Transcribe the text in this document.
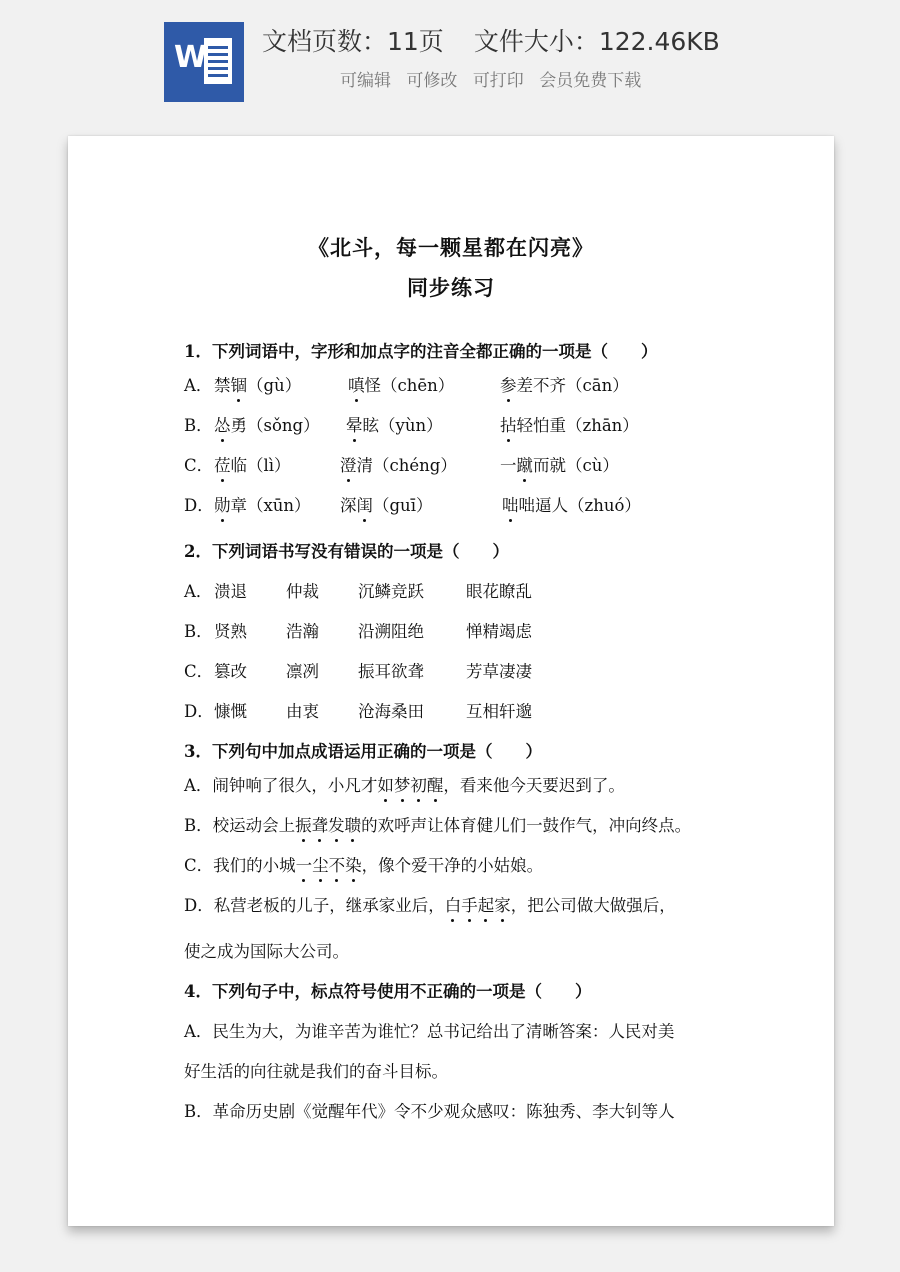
W 文档页数：11页 文件大小：122.46KB
可编辑 可修改 可打印 会员免费下载
《北斗，每一颗星都在闪亮》
同步练习
1．下列词语中，字形和加点字的注音全都正确的一项是（　　）
A． 禁锢（gù）	嗔怪（chēn）	参差不齐（cān）
B． 怂勇（sǒng） 晕眩（yùn）	拈轻怕重（zhān）
C． 莅临（lì）	澄清（chéng）	一蹴而就（cù）
D． 勋章（xūn） 深闺（guī）	咄咄逼人（zhuó）
2．下列词语书写没有错误的一项是（　　）
A． 溃退 仲裁 沉鳞竞跃	眼花瞭乱
B． 贤熟 浩瀚 沿溯阻绝	惮精竭虑
C． 篡改 凛冽 振耳欲聋	芳草凄凄
D． 慷慨 由衷 沧海桑田	互相轩邈
3．下列句中加点成语运用正确的一项是（　　）
A．闹钟响了很久，小凡才如梦初醒，看来他今天要迟到了。
B．校运动会上振聋发聩的欢呼声让体育健儿们一鼓作气，冲向终点。
C．我们的小城一尘不染，像个爱干净的小姑娘。
D．私营老板的儿子，继承家业后，白手起家，把公司做大做强后，
使之成为国际大公司。
4．下列句子中，标点符号使用不正确的一项是（　　）
A．民生为大，为谁辛苦为谁忙？总书记给出了清晰答案：人民对美
好生活的向往就是我们的奋斗目标。
B．革命历史剧《觉醒年代》令不少观众感叹：陈独秀、李大钊等人
